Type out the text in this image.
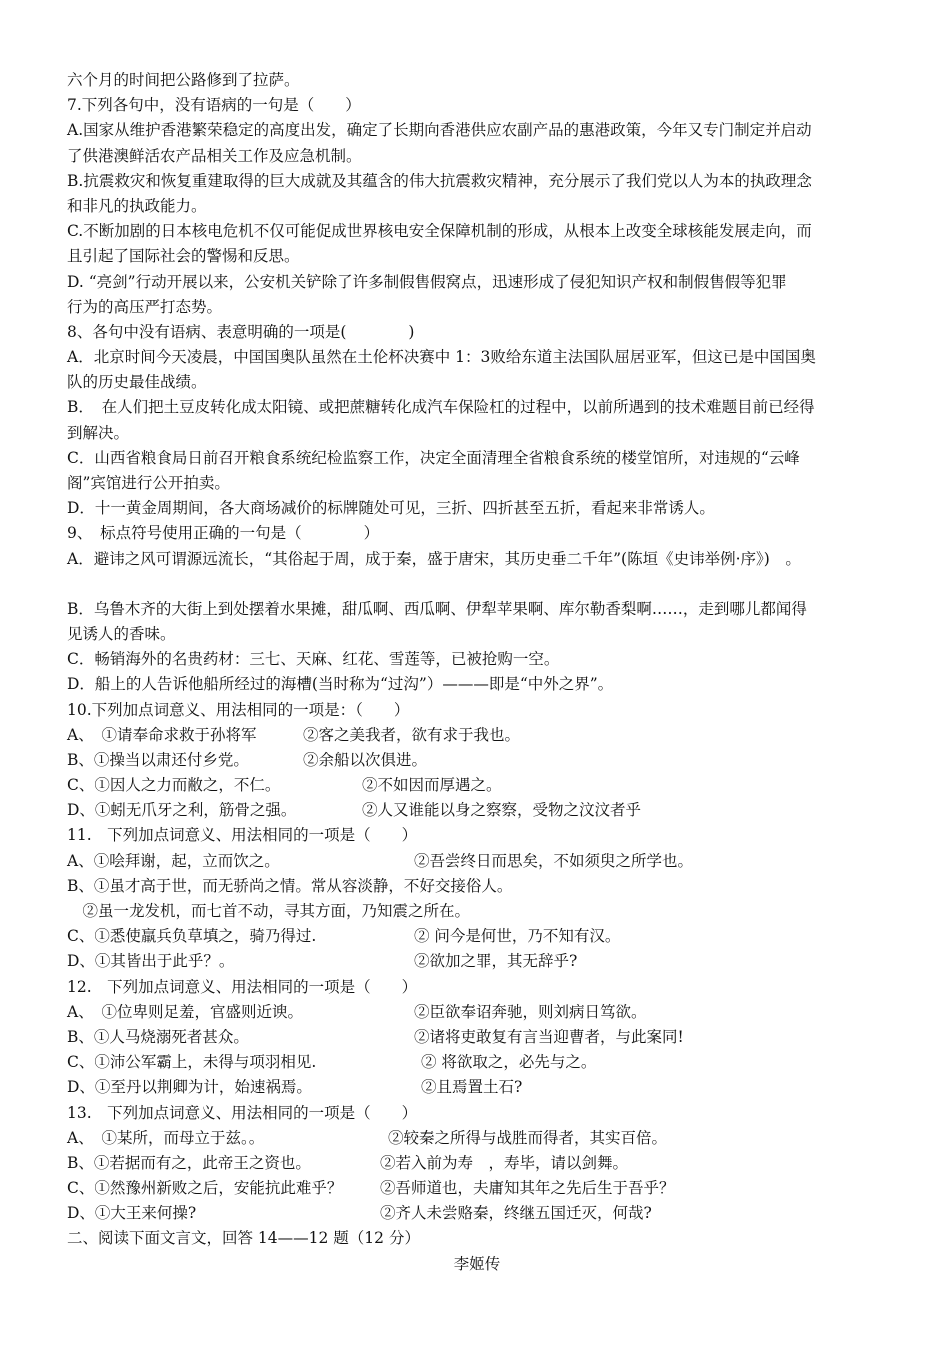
六个月的时间把公路修到了拉萨。
7.下列各句中，没有语病的一句是（　　）
A.国家从维护香港繁荣稳定的高度出发，确定了长期向香港供应农副产品的惠港政策，今年又专门制定并启动
了供港澳鲜活农产品相关工作及应急机制。
B.抗震救灾和恢复重建取得的巨大成就及其蕴含的伟大抗震救灾精神，充分展示了我们党以人为本的执政理念
和非凡的执政能力。
C.不断加剧的日本核电危机不仅可能促成世界核电安全保障机制的形成，从根本上改变全球核能发展走向，而
且引起了国际社会的警惕和反思。
D. “亮剑”行动开展以来，公安机关铲除了许多制假售假窝点，迅速形成了侵犯知识产权和制假售假等犯罪
行为的高压严打态势。
8、各句中没有语病、表意明确的一项是(　　　　)
A．北京时间今天凌晨，中国国奥队虽然在土伦杯决赛中 1：3败给东道主法国队屈居亚军，但这已是中国国奥
队的历史最佳战绩。
B．　在人们把土豆皮转化成太阳镜、或把蔗糖转化成汽车保险杠的过程中，以前所遇到的技术难题目前已经得
到解决。
C．山西省粮食局日前召开粮食系统纪检监察工作，决定全面清理全省粮食系统的楼堂馆所，对违规的“云峰
阁”宾馆进行公开拍卖。
D．十一黄金周期间，各大商场减价的标牌随处可见，三折、四折甚至五折，看起来非常诱人。
9、　标点符号使用正确的一句是（　　　　）
A．避讳之风可谓源远流长，“其俗起于周，成于秦，盛于唐宋，其历史垂二千年”(陈垣《史讳举例·序》)　。
B．乌鲁木齐的大街上到处摆着水果摊，甜瓜啊、西瓜啊、伊犁苹果啊、库尔勒香梨啊……，走到哪儿都闻得
见诱人的香味。
C．畅销海外的名贵药材：三七、天麻、红花、雪莲等，已被抢购一空。
D．船上的人告诉他船所经过的海槽(当时称为“过沟”）———即是“中外之界”。
10.下列加点词意义、用法相同的一项是：（　　）
A、　①请奉命求救于孙将军	②客之美我者，欲有求于我也。
B、①操当以肃还付乡党。	②余船以次俱进。
C、①因人之力而敝之，不仁。	②不如因而厚遇之。
D、①蚓无爪牙之利，筋骨之强。	②人又谁能以身之察察，受物之汶汶者乎
11.　下列加点词意义、用法相同的一项是（　　）
A、①哙拜谢，起，立而饮之。	②吾尝终日而思矣，不如须臾之所学也。
B、①虽才高于世，而无骄尚之情。常从容淡静，不好交接俗人。
　②虽一龙发机，而七首不动，寻其方面，乃知震之所在。
C、①悉使羸兵负草填之，骑乃得过.	② 问今是何世，乃不知有汉。
D、①其皆出于此乎？。	②欲加之罪，其无辞乎?
12.　下列加点词意义、用法相同的一项是（　　）
A、　①位卑则足羞，官盛则近谀。	②臣欲奉诏奔驰，则刘病日笃欲。
B、①人马烧溺死者甚众。	②诸将吏敢复有言当迎曹者，与此案同!
C、①沛公军霸上，未得与项羽相见.	② 将欲取之，必先与之。
D、①至丹以荆卿为计，始速祸焉。	②且焉置土石?
13.　下列加点词意义、用法相同的一项是（　　）
A、　①某所，而母立于兹。。	②较秦之所得与战胜而得者，其实百倍。
B、①若据而有之，此帝王之资也。	②若入前为寿　，寿毕，请以剑舞。
C、①然豫州新败之后，安能抗此难乎？ ②吾师道也，夫庸知其年之先后生于吾乎？
D、①大王来何操?	②齐人未尝赂秦，终继五国迁灭，何哉?
二、阅读下面文言文，回答 14——12 题（12 分）
李姬传
